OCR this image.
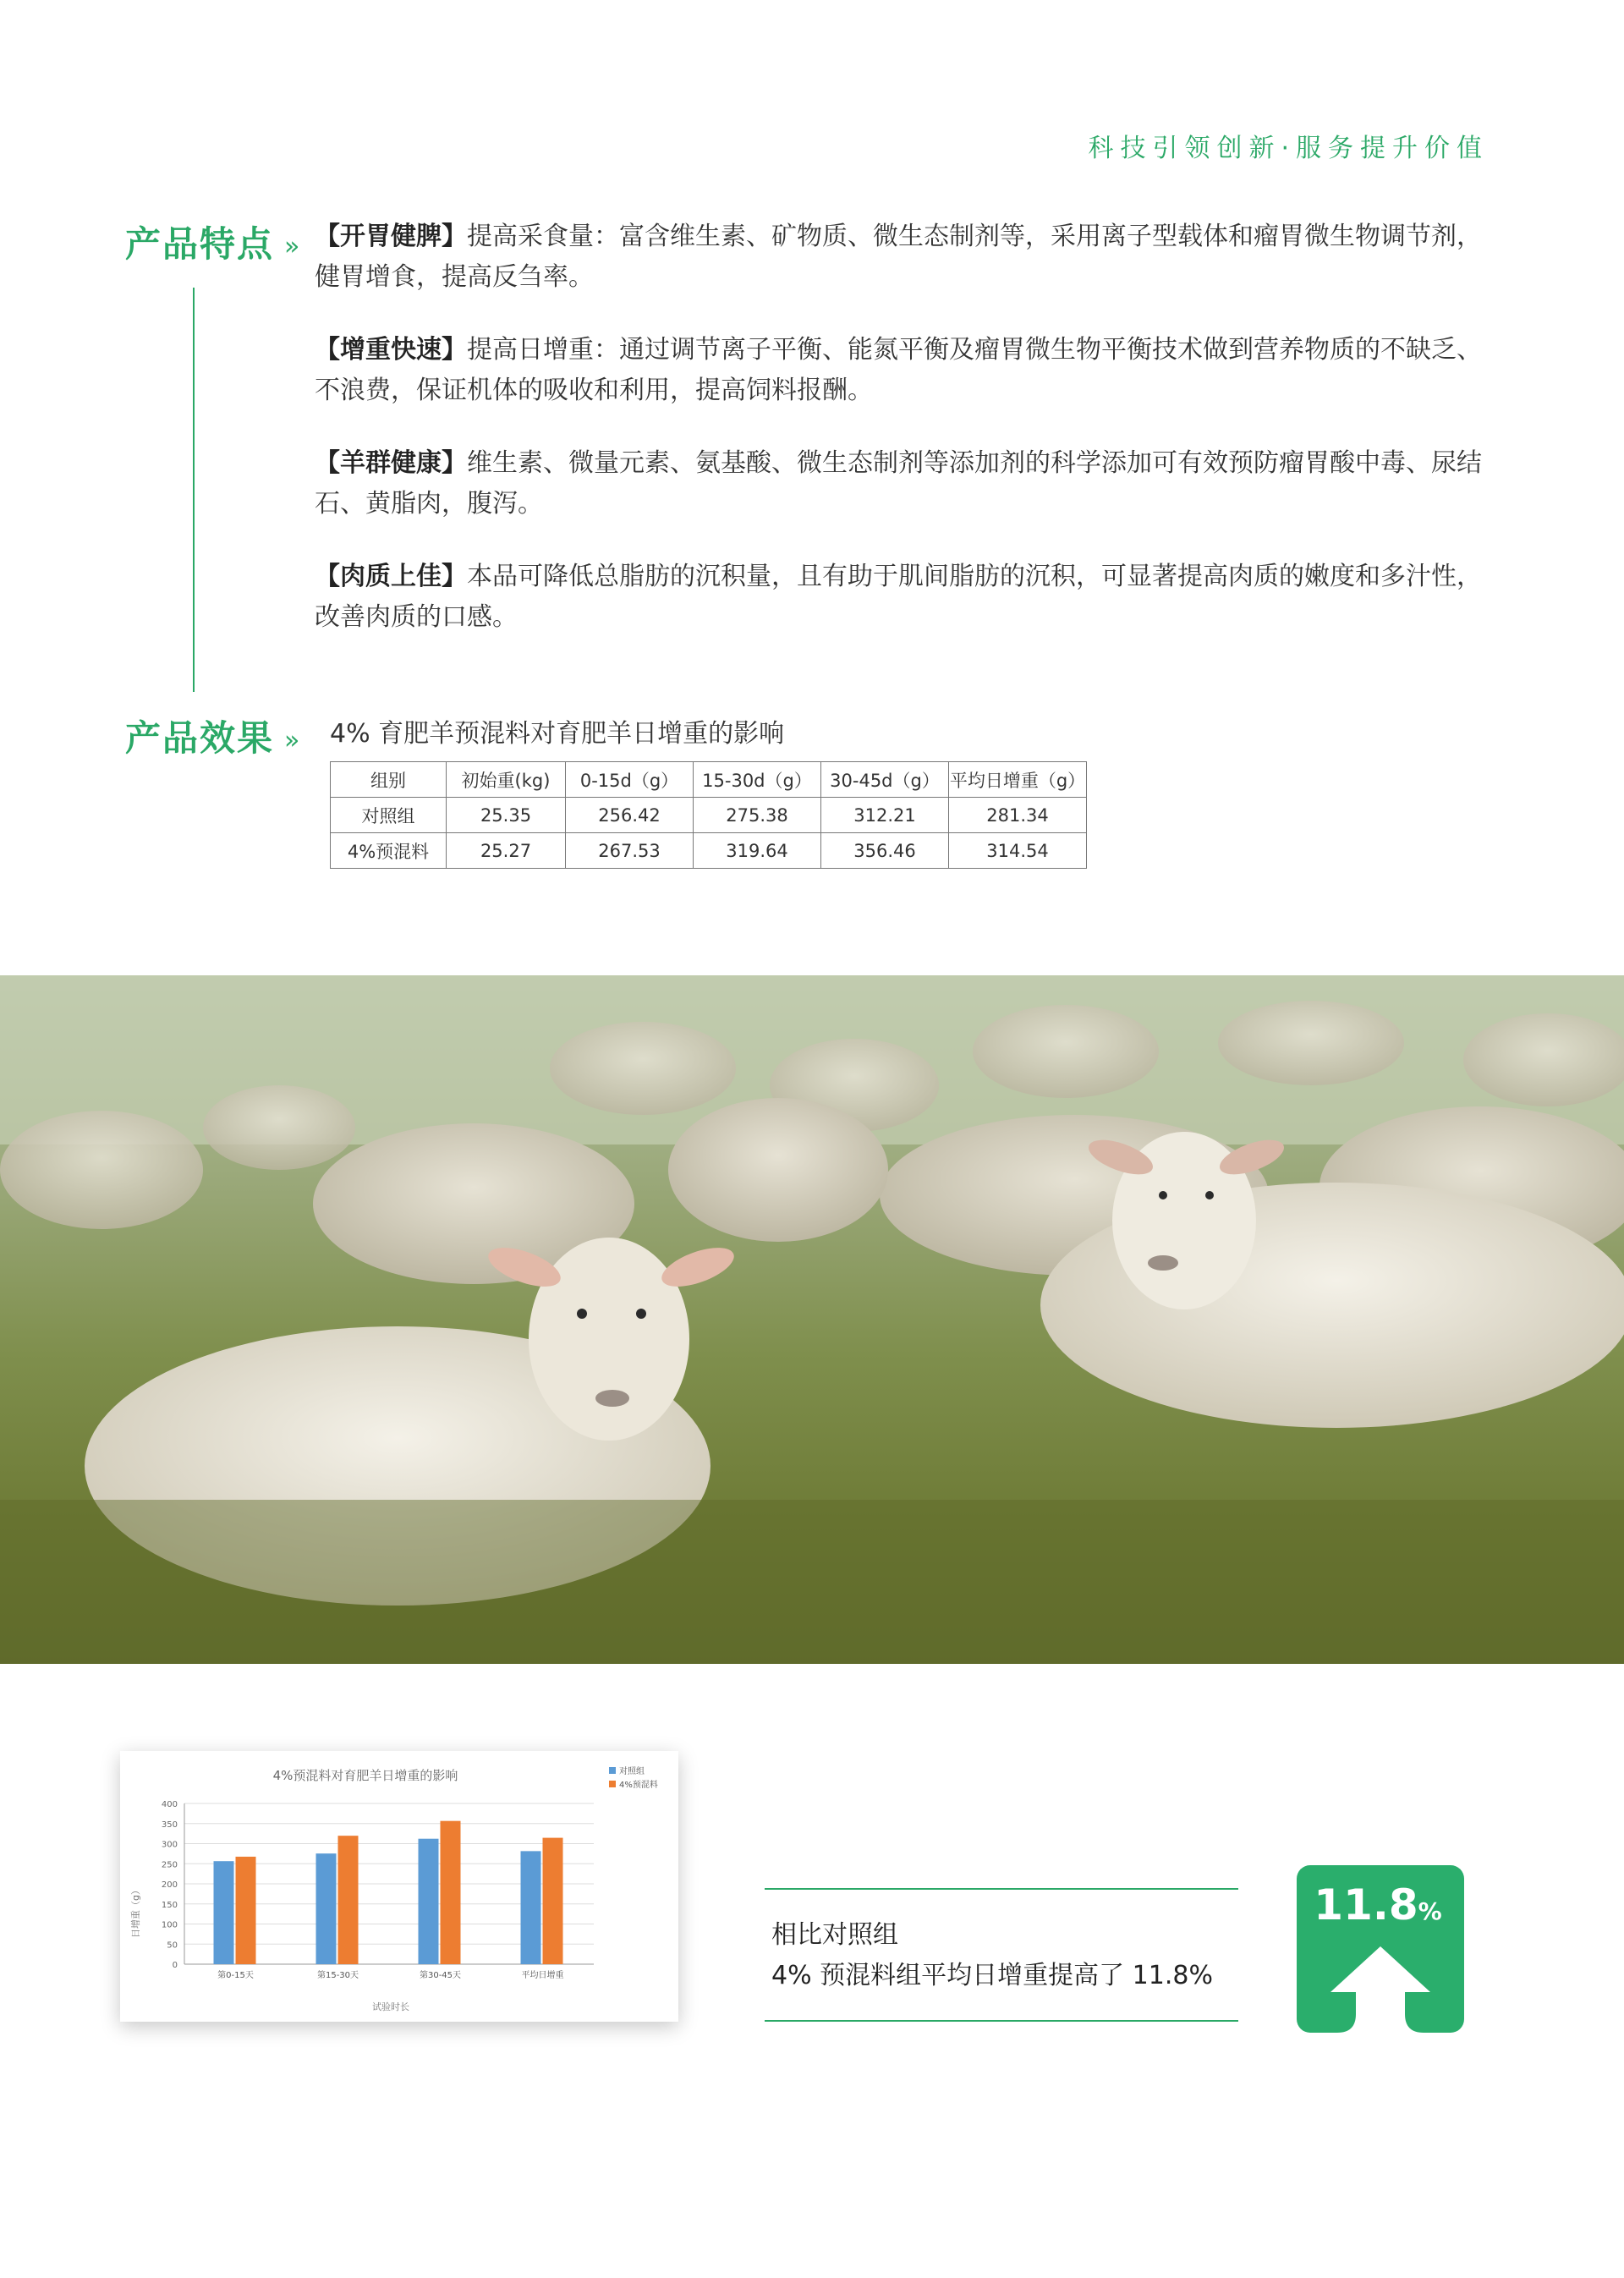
科技引领创新·服务提升价值
产品特点 » 【开胃健脾】提高采食量：富含维生素、矿物质、微生态制剂等，采用离子型载体和瘤胃微生物调节剂，健胃增食，提高反刍率。
【增重快速】提高日增重：通过调节离子平衡、能氮平衡及瘤胃微生物平衡技术做到营养物质的不缺乏、不浪费，保证机体的吸收和利用，提高饲料报酬。
【羊群健康】维生素、微量元素、氨基酸、微生态制剂等添加剂的科学添加可有效预防瘤胃酸中毒、尿结石、黄脂肉，腹泻。
【肉质上佳】本品可降低总脂肪的沉积量，且有助于肌间脂肪的沉积，可显著提高肉质的嫩度和多汁性，改善肉质的口感。
产品效果 » 4% 育肥羊预混料对育肥羊日增重的影响
组别	初始重(kg)	0-15d（g）	15-30d（g）	30-45d（g）	平均日增重（g）
对照组	25.35	256.42	275.38	312.21	281.34
4%预混料	25.27	267.53	319.64	356.46	314.54
4%预混料对育肥羊日增重的影响	对照组
4%预混料
0
50
100
150
200
250
300
350
400
第0-15天	第15-30天	第30-45天	平均日增重
试验时长
日增重（g）	相比对照组
4% 预混料组平均日增重提高了 11.8%
11.8%
